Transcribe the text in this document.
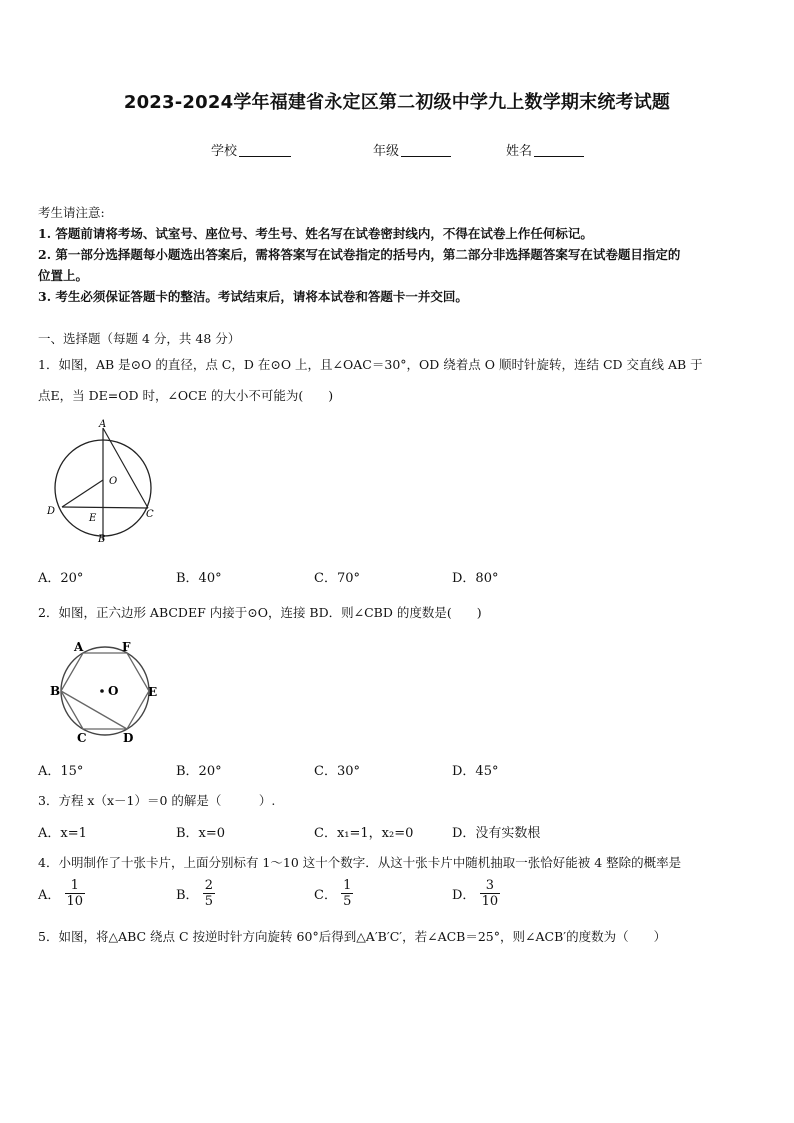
2023-2024学年福建省永定区第二初级中学九上数学期末统考试题
学校	年级	姓名
考生请注意:
1. 答题前请将考场、试室号、座位号、考生号、姓名写在试卷密封线内，不得在试卷上作任何标记。
2. 第一部分选择题每小题选出答案后，需将答案写在试卷指定的括号内，第二部分非选择题答案写在试卷题目指定的
位置上。
3. 考生必须保证答题卡的整洁。考试结束后，请将本试卷和答题卡一并交回。
一、选择题（每题 4 分，共 48 分）
1．如图，AB 是⊙O 的直径，点 C，D 在⊙O 上，且∠OAC＝30°，OD 绕着点 O 顺时针旋转，连结 CD 交直线 AB 于
点E，当 DE=OD 时，∠OCE 的大小不可能为(　　)
A
O
D
E	C
B
A．20°	B．40°	C．70°	D．80°
2．如图，正六边形 ABCDEF 内接于⊙O，连接 BD．则∠CBD 的度数是(　　)
A	F
B	O E
C	D
A．15°	B．20°	C．30°	D．45°
3．方程 x（x－1）＝0 的解是（　　　）.
A．x=1	B．x=0	C．x₁=1，x₂=0	D．没有实数根
4．小明制作了十张卡片，上面分别标有 1～10 这十个数字．从这十张卡片中随机抽取一张恰好能被 4 整除的概率是
A． $\frac{1}{10}$	B． $\frac{2}{5}$	C． $\frac{1}{5}$	D． $\frac{3}{10}$
5．如图，将△ABC 绕点 C 按逆时针方向旋转 60°后得到△A′B′C′，若∠ACB＝25°，则∠ACB′的度数为（　　）
